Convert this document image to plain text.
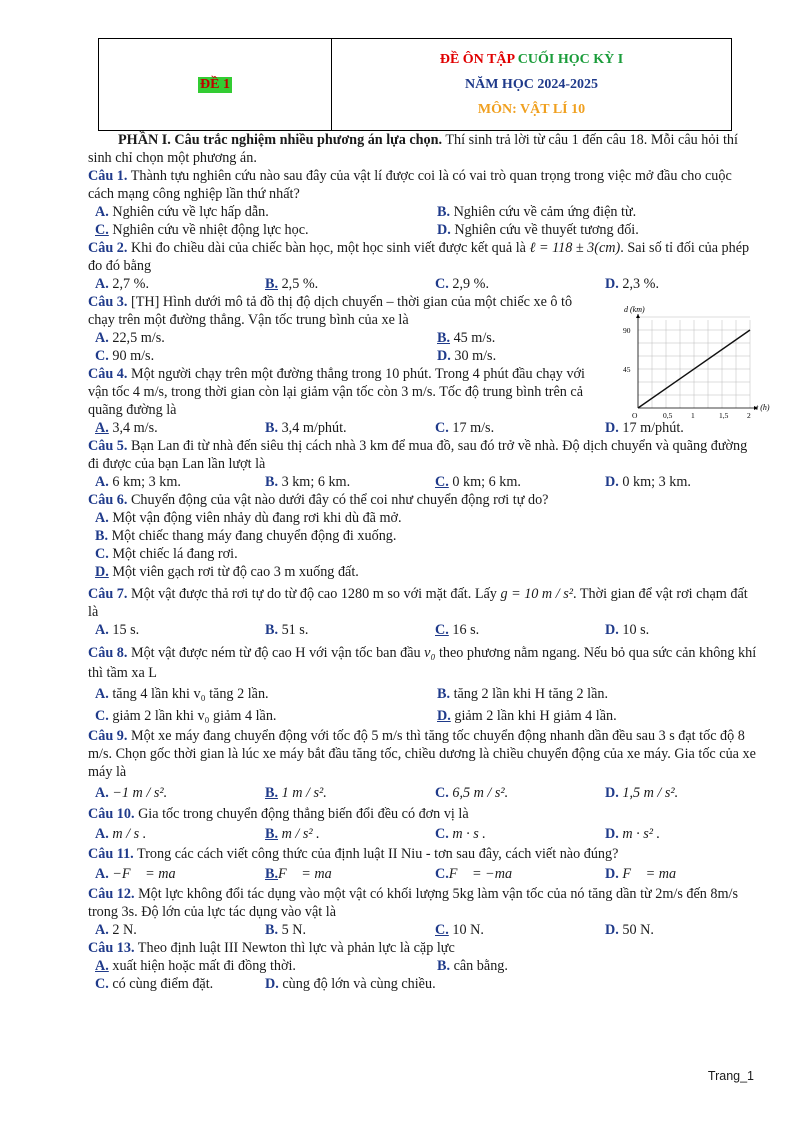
ĐỀ 1
ĐỀ ÔN TẬP CUỐI HỌC KỲ I
NĂM HỌC 2024-2025
MÔN: VẬT LÍ 10

PHẦN I. Câu trắc nghiệm nhiều phương án lựa chọn. Thí sinh trả lời từ câu 1 đến câu 18. Mỗi câu hỏi thí sinh chỉ chọn một phương án.

Câu 1. Thành tựu nghiên cứu nào sau đây của vật lí được coi là có vai trò quan trọng trong việc mở đầu cho cuộc cách mạng công nghiệp lần thứ nhất?

A. Nghiên cứu về lực hấp dẫn.	B. Nghiên cứu về cảm ứng điện từ.
C. Nghiên cứu về nhiệt động lực học.	D. Nghiên cứu về thuyết tương đối.

Câu 2. Khi đo chiều dài của chiếc bàn học, một học sinh viết được kết quả là ℓ = 118 ± 3(cm). Sai số tỉ đối của phép đo đó bằng

A. 2,7 %.	B. 2,5 %.	C. 2,9 %.	D. 2,3 %.

Câu 3. [TH] Hình dưới mô tả đồ thị độ dịch chuyển – thời gian của một chiếc xe ô tô chạy trên một đường thẳng. Vận tốc trung bình của xe là

A. 22,5 m/s.	B. 45 m/s.
C. 90 m/s.	D. 30 m/s.

Câu 4. Một người chạy trên một đường thẳng trong 10 phút. Trong 4 phút đầu chạy với vận tốc 4 m/s, trong thời gian còn lại giảm vận tốc còn 3 m/s. Tốc độ trung bình trên cả quãng đường là

A. 3,4 m/s.	B. 3,4 m/phút.	C. 17 m/s.	D. 17 m/phút.

Câu 5. Bạn Lan đi từ nhà đến siêu thị cách nhà 3 km để mua đồ, sau đó trở về nhà. Độ dịch chuyển và quãng đường đi được của bạn Lan lần lượt là

A. 6 km; 3 km.	B. 3 km; 6 km.	C. 0 km; 6 km.	D. 0 km; 3 km.

Câu 6. Chuyển động của vật nào dưới đây có thể coi như chuyển động rơi tự do?

A. Một vận động viên nhảy dù đang rơi khi dù đã mở.
B. Một chiếc thang máy đang chuyển động đi xuống.
C. Một chiếc lá đang rơi.
D. Một viên gạch rơi từ độ cao 3 m xuống đất.

Câu 7. Một vật được thả rơi tự do từ độ cao 1280 m so với mặt đất. Lấy g = 10 m / s². Thời gian để vật rơi chạm đất là

A. 15 s.	B. 51 s.	C. 16 s.	D. 10 s.

Câu 8. Một vật được ném từ độ cao H với vận tốc ban đầu v₀ theo phương nằm ngang. Nếu bỏ qua sức cản không khí thì tầm xa L

A. tăng 4 lần khi v₀ tăng 2 lần.	B. tăng 2 lần khi H tăng 2 lần.
C. giảm 2 lần khi v₀ giảm 4 lần.	D. giảm 2 lần khi H giảm 4 lần.

Câu 9. Một xe máy đang chuyển động với tốc độ 5 m/s thì tăng tốc chuyển động nhanh dần đều sau 3 s đạt tốc độ 8 m/s. Chọn gốc thời gian là lúc xe máy bắt đầu tăng tốc, chiều dương là chiều chuyển động của xe máy. Gia tốc của xe máy là

A. −1 m / s².	B. 1 m / s².	C. 6,5 m / s².	D. 1,5 m / s².

Câu 10. Gia tốc trong chuyển động thẳng biến đổi đều có đơn vị là

A. m / s .	B. m / s² .	C. m · s .	D. m · s² .

Câu 11. Trong các cách viết công thức của định luật II Niu - tơn sau đây, cách viết nào đúng?

A. −F⃗ = ma⃗	B.F⃗ = ma⃗	C.F⃗ = −ma⃗	D. F⃗ = ma

Câu 12. Một lực không đổi tác dụng vào một vật có khối lượng 5kg làm vận tốc của nó tăng dần từ 2m/s đến 8m/s trong 3s. Độ lớn của lực tác dụng vào vật là

A. 2 N.	B. 5 N.	C. 10 N.	D. 50 N.

Câu 13. Theo định luật III Newton thì lực và phản lực là cặp lực

A. xuất hiện hoặc mất đi đồng thời.	B. cân bằng.
C. có cùng điểm đặt.	D. cùng độ lớn và cùng chiều.
O	0,5 1	1,5 2
45
90
d (km)
t (h)
Trang_1
